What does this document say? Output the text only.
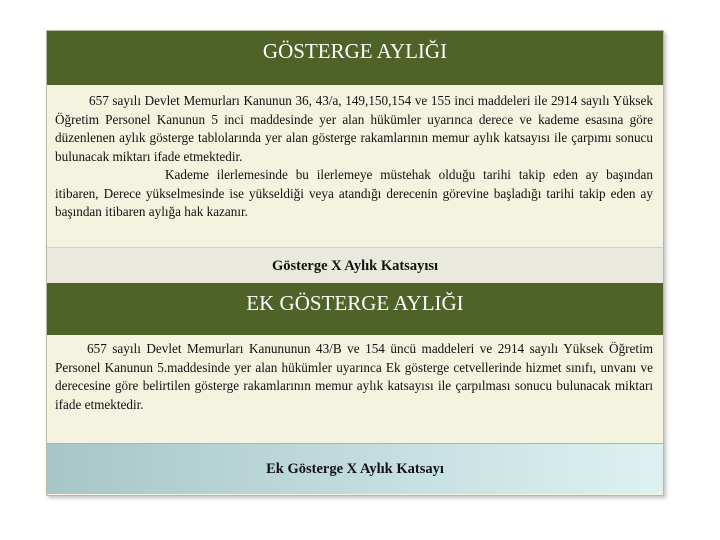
GÖSTERGE AYLIĞI

657 sayılı Devlet Memurları Kanunun 36, 43/a, 149,150,154 ve 155 inci maddeleri ile 2914 sayılı Yüksek Öğretim Personel Kanunun 5 inci maddesinde yer alan hükümler uyarınca derece ve kademe esasına göre düzenlenen aylık gösterge tablolarında yer alan gösterge rakamlarının memur aylık katsayısı ile çarpımı sonucu bulunacak miktarı ifade etmektedir.

Kademe ilerlemesinde bu ilerlemeye müstehak olduğu tarihi takip eden ay başından itibaren, Derece yükselmesinde ise yükseldiği veya atandığı derecenin görevine başladığı tarihi takip eden ay başından itibaren aylığa hak kazanır.

Gösterge X Aylık Katsayısı
EK GÖSTERGE AYLIĞI

657 sayılı Devlet Memurları Kanununun 43/B ve 154 üncü maddeleri ve 2914 sayılı Yüksek Öğretim Personel Kanunun 5.maddesinde yer alan hükümler uyarınca Ek gösterge cetvellerinde hizmet sınıfı, unvanı ve derecesine göre belirtilen gösterge rakamlarının memur aylık katsayısı ile çarpılması sonucu bulunacak miktarı ifade etmektedir.

Ek Gösterge X Aylık Katsayı
